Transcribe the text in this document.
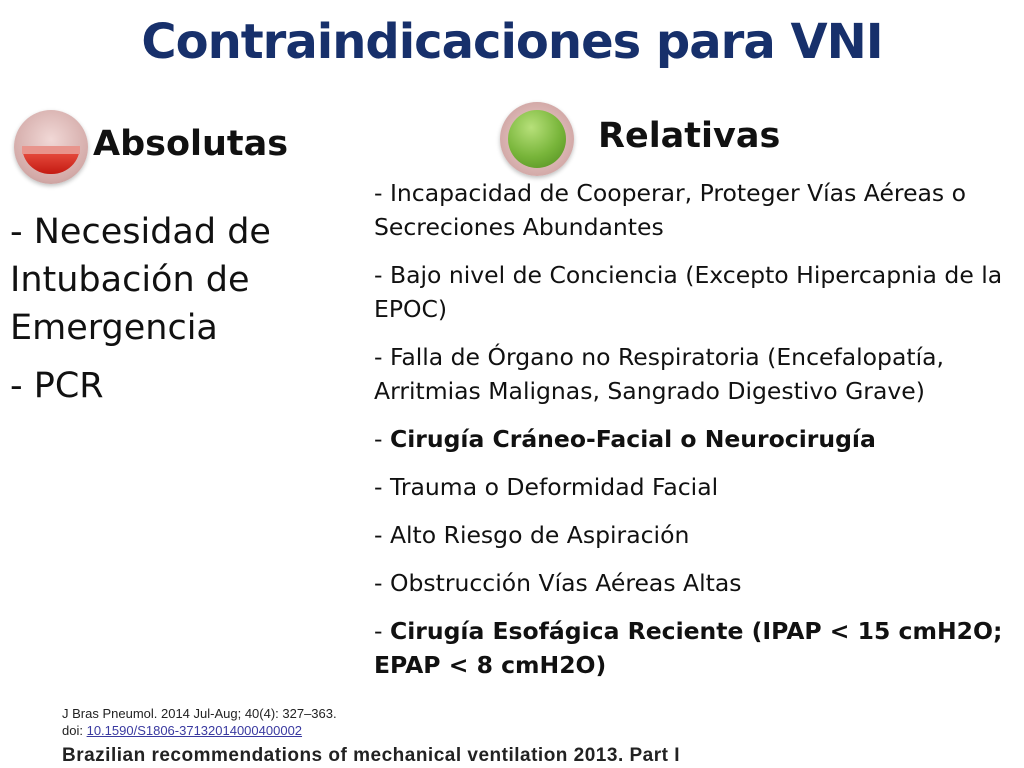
Contraindicaciones para VNI
Absolutas	Relativas
- Necesidad de Intubación de Emergencia
- PCR
- Incapacidad de Cooperar, Proteger Vías Aéreas o Secreciones Abundantes
- Bajo nivel de Conciencia (Excepto Hipercapnia de la EPOC)
- Falla de Órgano no Respiratoria (Encefalopatía, Arritmias Malignas, Sangrado Digestivo Grave)
- Cirugía Cráneo-Facial o Neurocirugía
- Trauma o Deformidad Facial
- Alto Riesgo de Aspiración
- Obstrucción Vías Aéreas Altas
- Cirugía Esofágica Reciente (IPAP < 15 cmH2O; EPAP < 8 cmH2O)
J Bras Pneumol. 2014 Jul-Aug; 40(4): 327–363.
doi: 10.1590/S1806-37132014000400002
Brazilian recommendations of mechanical ventilation 2013. Part I
